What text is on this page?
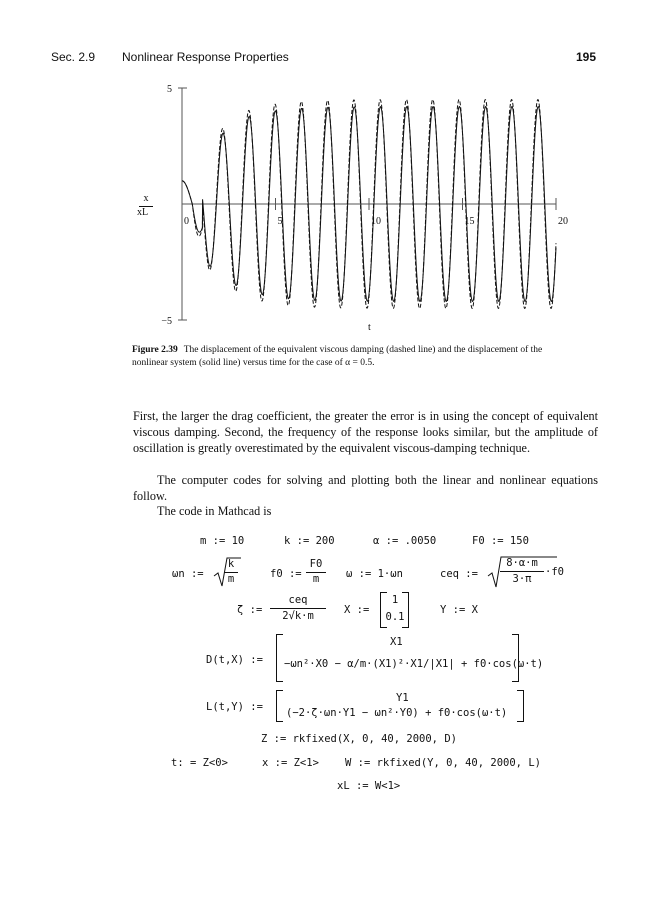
Sec. 2.9 Nonlinear Response Properties	195
5
−5
0	5	10	15	20
x
xL
t
Figure 2.39 The displacement of the equivalent viscous damping (dashed line) and the displacement of the nonlinear system (solid line) versus time for the case of α = 0.5.
First, the larger the drag coefficient, the greater the error is in using the concept of equivalent viscous damping. Second, the frequency of the response looks similar, but the amplitude of oscillation is greatly overestimated by the equivalent viscous-damping technique.
The computer codes for solving and plotting both the linear and nonlinear equations follow.
The code in Mathcad is
m := 10	k := 200	α := .0050	F0 := 150
ωn :=
k
m	f0 :=
F0
m	ω := 1·ωn	ceq :=
8·α·m
3·π
·f0
ζ :=
ceq
2√k·m	X :=
1
0.1
Y := X
D(t,X) :=
X1
−ωn²·X0 − α/m·(X1)²·X1/|X1| + f0·cos(ω·t)
L(t,Y) :=
Y1
(−2·ζ·ωn·Y1 − ωn²·Y0) + f0·cos(ω·t)
Z := rkfixed(X, 0, 40, 2000, D)
t: = Z<0>	x := Z<1> W := rkfixed(Y, 0, 40, 2000, L)
xL := W<1>
